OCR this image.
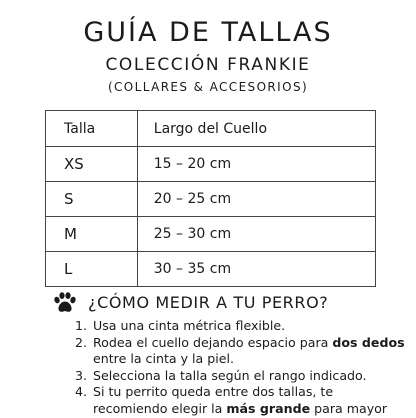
GUÍA DE TALLAS
COLECCIÓN FRANKIE
(COLLARES & ACCESORIOS)
Talla	Largo del Cuello
XS	15 – 20 cm
S	20 – 25 cm
M	25 – 30 cm
L	30 – 35 cm
¿CÓMO MEDIR A TU PERRO?
1. Usa una cinta métrica flexible.
2. Rodea el cuello dejando espacio para dos dedos entre la cinta y la piel.
3. Selecciona la talla según el rango indicado.
4. Si tu perrito queda entre dos tallas, te recomiendo elegir la más grande para mayor
